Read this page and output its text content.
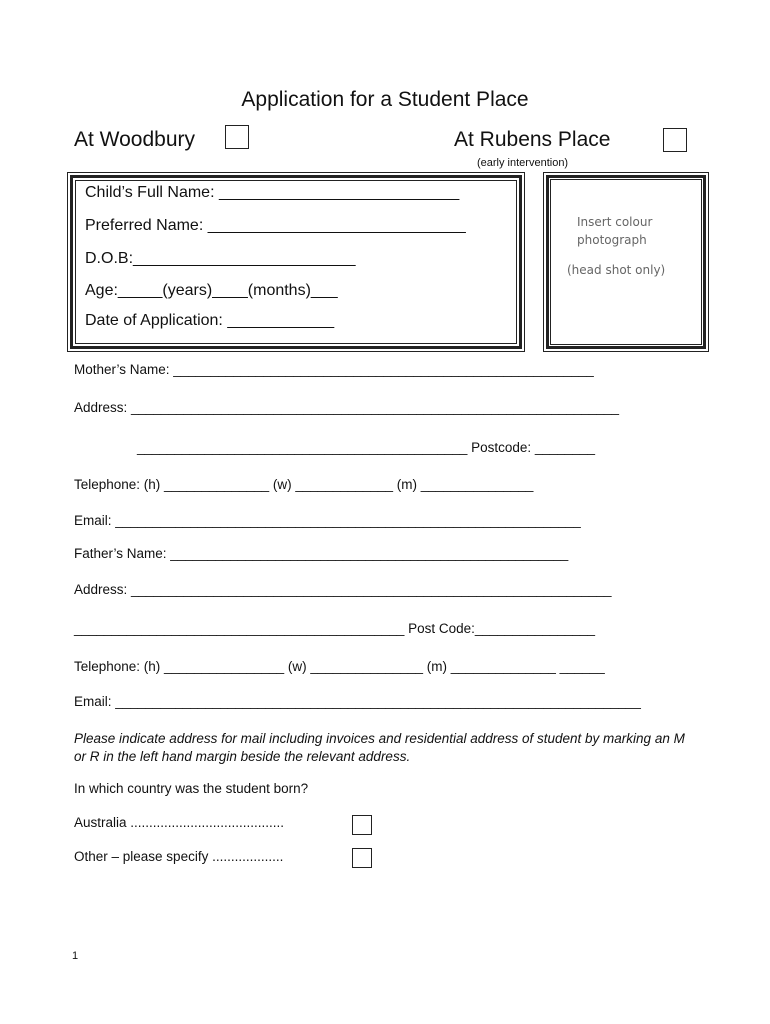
Application for a Student Place
At Woodbury	At Rubens Place
(early intervention)
Child’s Full Name: ___________________________
Preferred Name: _____________________________
D.O.B:_________________________
Age:_____(years)____(months)___
Date of Application: ____________
Insert colour
photograph
(head shot only)
Mother’s Name: ________________________________________________________
Address: _________________________________________________________________
____________________________________________ Postcode: ________
Telephone: (h) ______________ (w) _____________ (m) _______________
Email: ______________________________________________________________
Father’s Name: _____________________________________________________
Address: ________________________________________________________________
____________________________________________ Post Code:________________
Telephone: (h) ________________ (w) _______________ (m) ______________ ______
Email: ______________________________________________________________________
Please indicate address for mail including invoices and residential address of student by marking an M or R in the left hand margin beside the relevant address.
In which country was the student born?
Australia .........................................
Other – please specify ...................
1
